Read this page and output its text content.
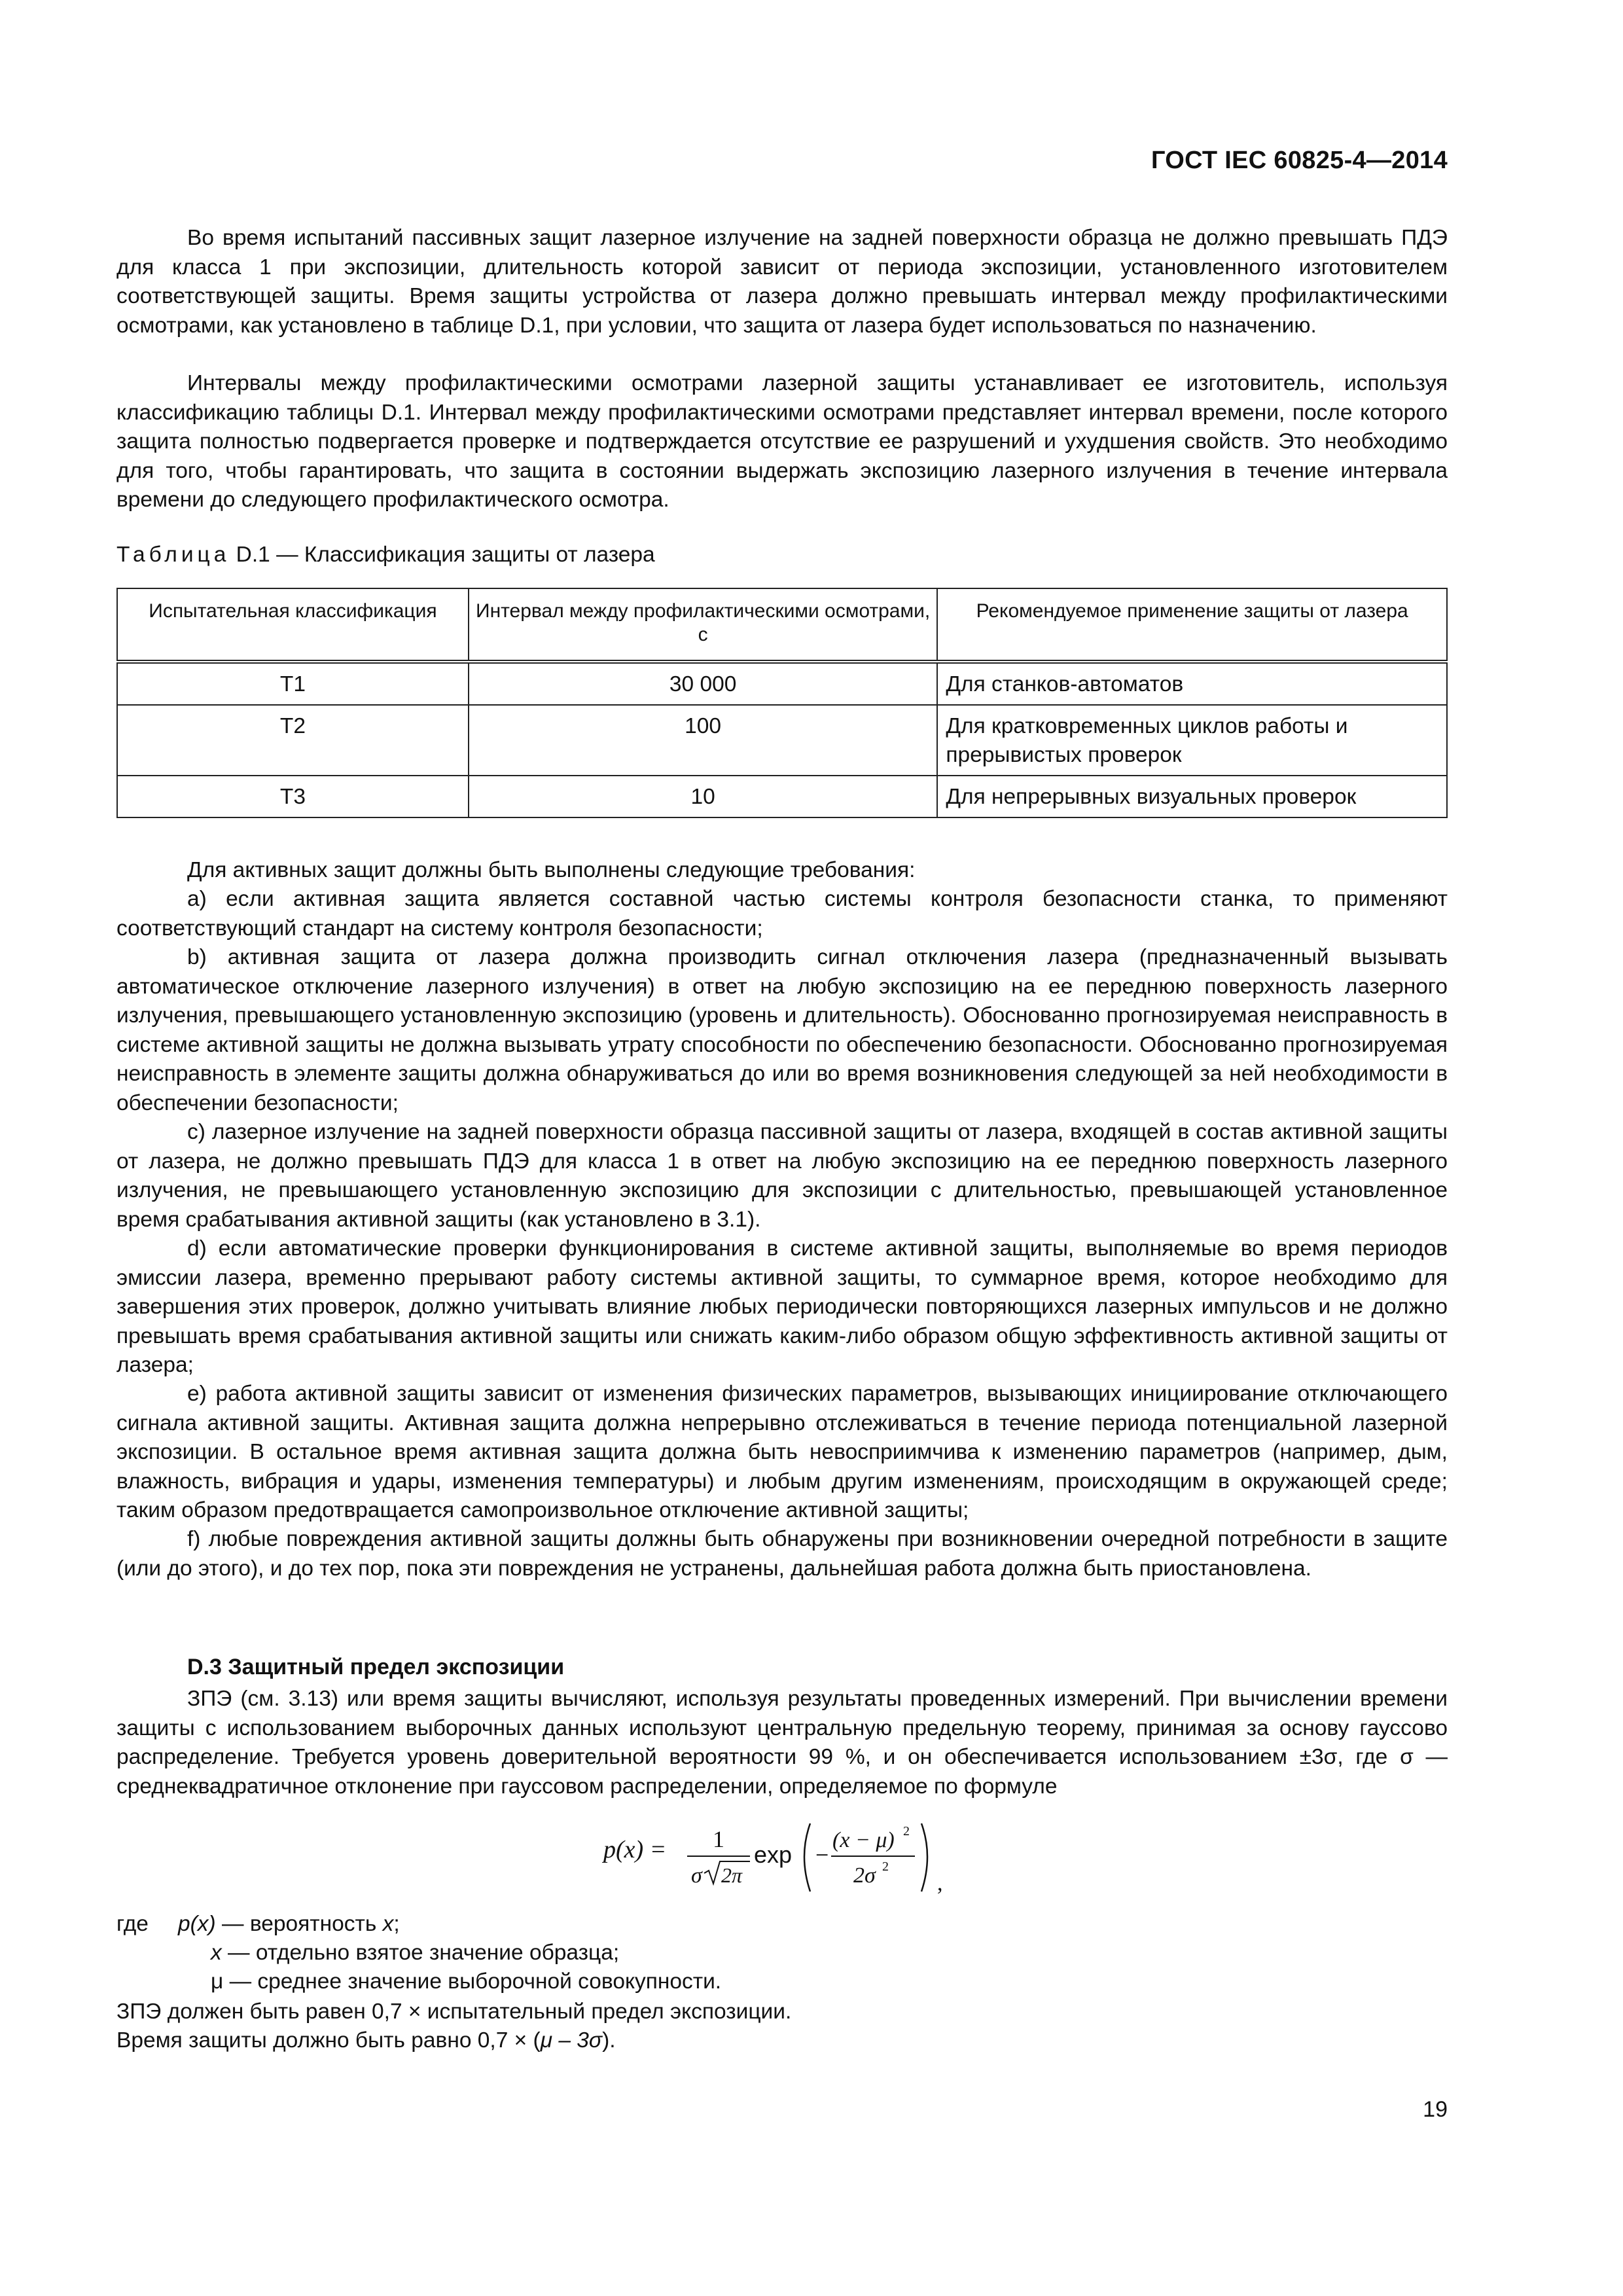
ГОСТ IEC 60825-4—2014

Во время испытаний пассивных защит лазерное излучение на задней поверхности образца не должно превышать ПДЭ для класса 1 при экспозиции, длительность которой зависит от периода экспозиции, установленного изготовителем соответствующей защиты. Время защиты устройства от лазера должно превышать интервал между профилактическими осмотрами, как установлено в таблице D.1, при условии, что защита от лазера будет использоваться по назначению.

Интервалы между профилактическими осмотрами лазерной защиты устанавливает ее изготовитель, используя классификацию таблицы D.1. Интервал между профилактическими осмотрами представляет интервал времени, после которого защита полностью подвергается проверке и подтверждается отсутствие ее разрушений и ухудшения свойств. Это необходимо для того, чтобы гарантировать, что защита в состоянии выдержать экспозицию лазерного излучения в течение интервала времени до следующего профилактического осмотра.

Таблица D.1 — Классификация защиты от лазера
Испытательная классификация	Интервал между профилактическими осмотрами, с	Рекомендуемое применение защиты от лазера
Т1	30 000	Для станков-автоматов
Т2	100	Для кратковременных циклов работы и прерывистых проверок
Т3	10	Для непрерывных визуальных проверок

Для активных защит должны быть выполнены следующие требования:

a) если активная защита является составной частью системы контроля безопасности станка, то применяют соответствующий стандарт на систему контроля безопасности;

b) активная защита от лазера должна производить сигнал отключения лазера (предназначенный вызывать автоматическое отключение лазерного излучения) в ответ на любую экспозицию на ее переднюю поверхность лазерного излучения, превышающего установленную экспозицию (уровень и длительность). Обоснованно прогнозируемая неисправность в системе активной защиты не должна вызывать утрату способности по обеспечению безопасности. Обоснованно прогнозируемая неисправность в элементе защиты должна обнаруживаться до или во время возникновения следующей за ней необходимости в обеспечении безопасности;

c) лазерное излучение на задней поверхности образца пассивной защиты от лазера, входящей в состав активной защиты от лазера, не должно превышать ПДЭ для класса 1 в ответ на любую экспозицию на ее переднюю поверхность лазерного излучения, не превышающего установленную экспозицию для экспозиции с длительностью, превышающей установленное время срабатывания активной защиты (как установлено в 3.1).

d) если автоматические проверки функционирования в системе активной защиты, выполняемые во время периодов эмиссии лазера, временно прерывают работу системы активной защиты, то суммарное время, которое необходимо для завершения этих проверок, должно учитывать влияние любых периодически повторяющихся лазерных импульсов и не должно превышать время срабатывания активной защиты или снижать каким-либо образом общую эффективность активной защиты от лазера;

e) работа активной защиты зависит от изменения физических параметров, вызывающих инициирование отключающего сигнала активной защиты. Активная защита должна непрерывно отслеживаться в течение периода потенциальной лазерной экспозиции. В остальное время активная защита должна быть невосприимчива к изменению параметров (например, дым, влажность, вибрация и удары, изменения температуры) и любым другим изменениям, происходящим в окружающей среде; таким образом предотвращается самопроизвольное отключение активной защиты;

f) любые повреждения активной защиты должны быть обнаружены при возникновении очередной потребности в защите (или до этого), и до тех пор, пока эти повреждения не устранены, дальнейшая работа должна быть приостановлена.

D.3 Защитный предел экспозиции

ЗПЭ (см. 3.13) или время защиты вычисляют, используя результаты проведенных измерений. При вычислении времени защиты с использованием выборочных данных используют центральную предельную теорему, принимая за основу гауссово распределение. Требуется уровень доверительной вероятности 99 %, и он обеспечивается использованием ±3σ, где σ — среднеквадратичное отклонение при гауссовом распределении, определяемое по формуле

p(x) = 1
σ 2π
exp −
(x − μ) 2
2σ 2
,
где p(x) — вероятность x;
x — отдельно взятое значение образца;
μ — среднее значение выборочной совокупности.
ЗПЭ должен быть равен 0,7 × испытательный предел экспозиции.
Время защиты должно быть равно 0,7 × (μ – 3σ).
19
